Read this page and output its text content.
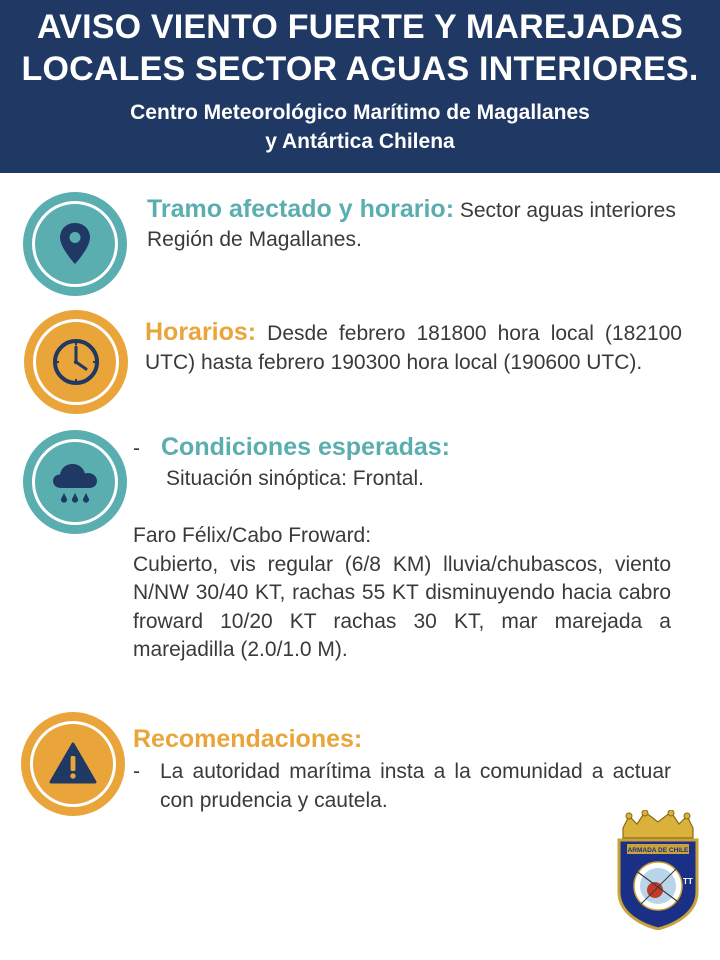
AVISO VIENTO FUERTE Y MAREJADAS
LOCALES SECTOR AGUAS INTERIORES.
Centro Meteorológico Marítimo de Magallanes
y Antártica Chilena
Tramo afectado y horario: Sector aguas interiores Región de Magallanes.
Horarios: Desde febrero 181800 hora local (182100 UTC) hasta febrero 190300 hora local (190600 UTC).
- Condiciones esperadas:
Situación sinóptica: Frontal.
Faro Félix/Cabo Froward:
Cubierto, vis regular (6/8 KM) lluvia/chubascos, viento N/NW 30/40 KT, rachas 55 KT disminuyendo hacia cabro froward 10/20 KT rachas 30 KT, mar marejada a marejadilla (2.0/1.0 M).
Recomendaciones:
- La autoridad marítima insta a la comunidad a actuar con prudencia y cautela.
ARMADA DE CHILE
TT
